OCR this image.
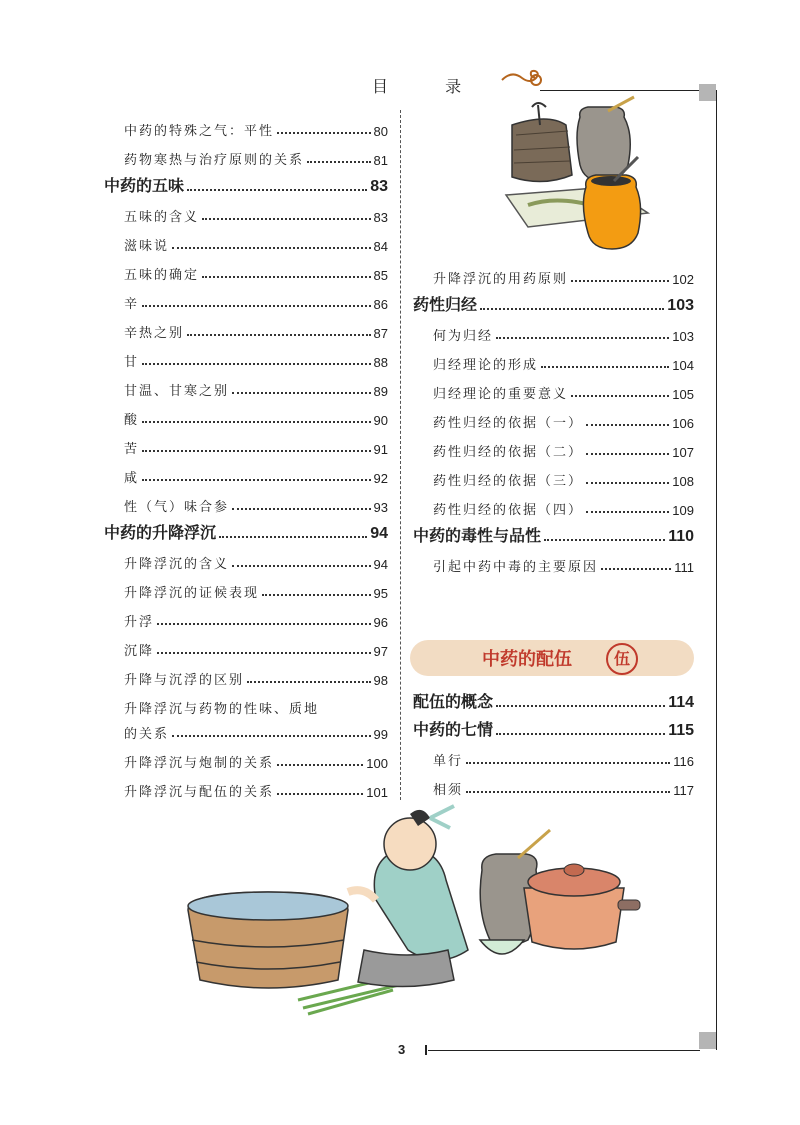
目 录
中药的特殊之气：平性	80
药物寒热与治疗原则的关系	81
中药的五味	83
五味的含义	83
滋味说	84
五味的确定	85
辛	86
辛热之别	87
甘	88
甘温、甘寒之别	89
酸	90
苦	91
咸	92
性（气）味合参	93
中药的升降浮沉	94
升降浮沉的含义	94
升降浮沉的证候表现	95
升浮	96
沉降	97
升降与沉浮的区别	98
升降浮沉与药物的性味、质地
的关系	99
升降浮沉与炮制的关系	100
升降浮沉与配伍的关系	101
升降浮沉的用药原则	102
药性归经	103
何为归经	103
归经理论的形成	104
归经理论的重要意义	105
药性归经的依据（一）	106
药性归经的依据（二）	107
药性归经的依据（三）	108
药性归经的依据（四）	109
中药的毒性与品性	110
引起中药中毒的主要原因	111
中药的配伍	伍
配伍的概念	114
中药的七情	115
单行	116
相须	117
3
